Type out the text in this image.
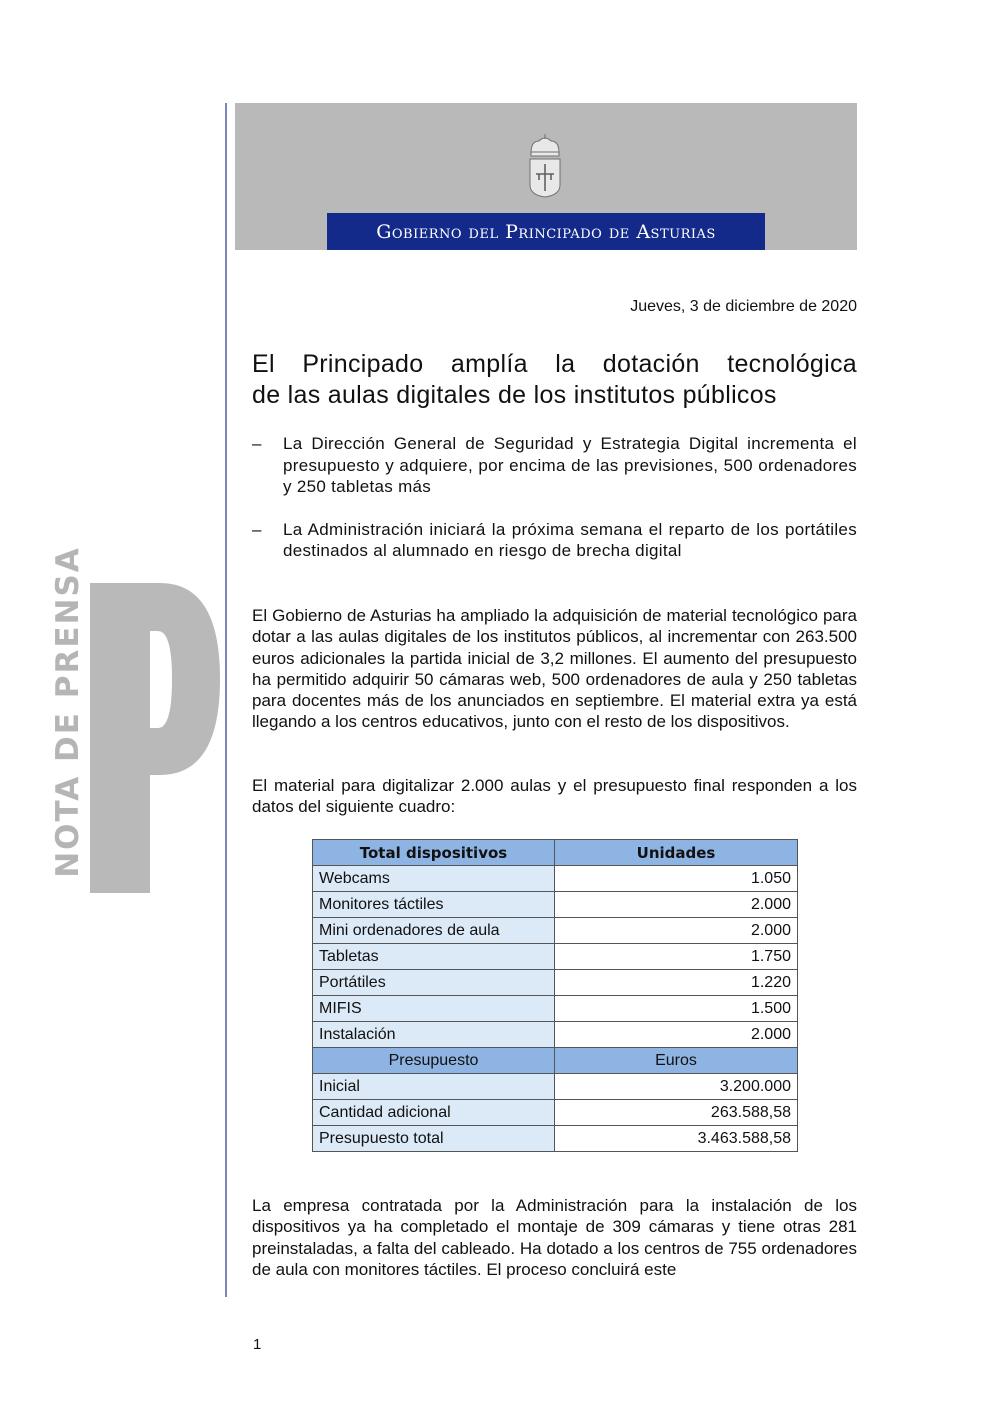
Gobierno del Principado de Asturias
NOTA DE PRENSA
Jueves, 3 de diciembre de 2020
El Principado amplía la dotación tecnológica
de las aulas digitales de los institutos públicos
– La Dirección General de Seguridad y Estrategia Digital incrementa el presupuesto y adquiere, por encima de las previsiones, 500 ordenadores y 250 tabletas más
– La Administración iniciará la próxima semana el reparto de los portátiles destinados al alumnado en riesgo de brecha digital
El Gobierno de Asturias ha ampliado la adquisición de material tecnológico para dotar a las aulas digitales de los institutos públicos, al incrementar con 263.500 euros adicionales la partida inicial de 3,2 millones. El aumento del presupuesto ha permitido adquirir 50 cámaras web, 500 ordenadores de aula y 250 tabletas para docentes más de los anunciados en septiembre. El material extra ya está llegando a los centros educativos, junto con el resto de los dispositivos.
El material para digitalizar 2.000 aulas y el presupuesto final responden a los datos del siguiente cuadro:
Total dispositivos	Unidades
Webcams	1.050
Monitores táctiles	2.000
Mini ordenadores de aula	2.000
Tabletas	1.750
Portátiles	1.220
MIFIS	1.500
Instalación	2.000
Presupuesto	Euros
Inicial	3.200.000
Cantidad adicional	263.588,58
Presupuesto total	3.463.588,58
La empresa contratada por la Administración para la instalación de los dispositivos ya ha completado el montaje de 309 cámaras y tiene otras 281 preinstaladas, a falta del cableado. Ha dotado a los centros de 755 ordenadores de aula con monitores táctiles. El proceso concluirá este
1
